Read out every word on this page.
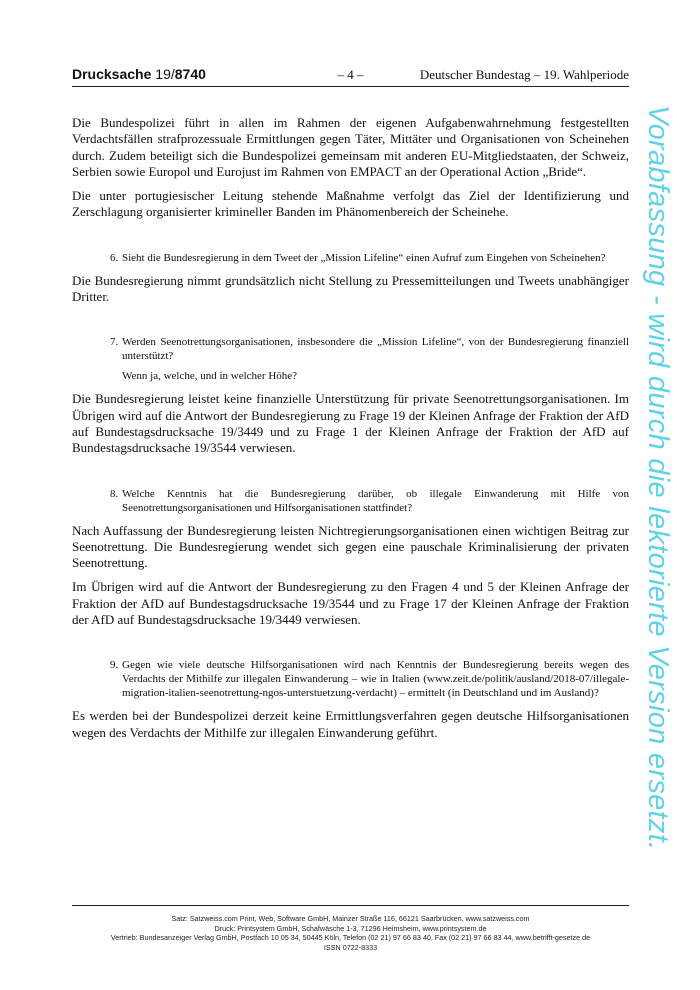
Drucksache 19/8740	– 4 –	Deutscher Bundestag – 19. Wahlperiode

Die Bundespolizei führt in allen im Rahmen der eigenen Aufgabenwahrnehmung festgestellten Verdachtsfällen strafprozessuale Ermittlungen gegen Täter, Mittäter und Organisationen von Scheinehen durch. Zudem beteiligt sich die Bundespolizei gemeinsam mit anderen EU-Mitgliedstaaten, der Schweiz, Serbien sowie Europol und Eurojust im Rahmen von EMPACT an der Operational Action „Bride“.

Die unter portugiesischer Leitung stehende Maßnahme verfolgt das Ziel der Identifizierung und Zerschlagung organisierter krimineller Banden im Phänomenbereich der Scheinehe.

6. Sieht die Bundesregierung in dem Tweet der „Mission Lifeline“ einen Aufruf zum Eingehen von Scheinehen?

Die Bundesregierung nimmt grundsätzlich nicht Stellung zu Pressemitteilungen und Tweets unabhängiger Dritter.

7. Werden Seenotrettungsorganisationen, insbesondere die „Mission Lifeline“, von der Bundesregierung finanziell unterstützt?
Wenn ja, welche, und in welcher Höhe?

Die Bundesregierung leistet keine finanzielle Unterstützung für private Seenotrettungsorganisationen. Im Übrigen wird auf die Antwort der Bundesregierung zu Frage 19 der Kleinen Anfrage der Fraktion der AfD auf Bundestagsdrucksache 19/3449 und zu Frage 1 der Kleinen Anfrage der Fraktion der AfD auf Bundestagsdrucksache 19/3544 verwiesen.

8. Welche Kenntnis hat die Bundesregierung darüber, ob illegale Einwanderung mit Hilfe von Seenotrettungsorganisationen und Hilfsorganisationen stattfindet?

Nach Auffassung der Bundesregierung leisten Nichtregierungsorganisationen einen wichtigen Beitrag zur Seenotrettung. Die Bundesregierung wendet sich gegen eine pauschale Kriminalisierung der privaten Seenotrettung.

Im Übrigen wird auf die Antwort der Bundesregierung zu den Fragen 4 und 5 der Kleinen Anfrage der Fraktion der AfD auf Bundestagsdrucksache 19/3544 und zu Frage 17 der Kleinen Anfrage der Fraktion der AfD auf Bundestagsdrucksache 19/3449 verwiesen.

9. Gegen wie viele deutsche Hilfsorganisationen wird nach Kenntnis der Bundesregierung bereits wegen des Verdachts der Mithilfe zur illegalen Einwanderung – wie in Italien (www.zeit.de/politik/ausland/2018-07/illegale-migration-italien-seenotrettung-ngos-unterstuetzung-verdacht) – ermittelt (in Deutschland und im Ausland)?

Es werden bei der Bundespolizei derzeit keine Ermittlungsverfahren gegen deutsche Hilfsorganisationen wegen des Verdachts der Mithilfe zur illegalen Einwanderung geführt.	Vorabfassung - wird durch die lektorierte Version ersetzt.
Satz: Satzweiss.com Print, Web, Software GmbH, Mainzer Straße 116, 66121 Saarbrücken, www.satzweiss.com
Druck: Printsystem GmbH, Schafwäsche 1-3, 71296 Heimsheim, www.printsystem.de
Vertrieb: Bundesanzeiger Verlag GmbH, Postfach 10 05 34, 50445 Köln, Telefon (02 21) 97 66 83 40, Fax (02 21) 97 66 83 44, www.betrifft-gesetze.de
ISSN 0722-8333
